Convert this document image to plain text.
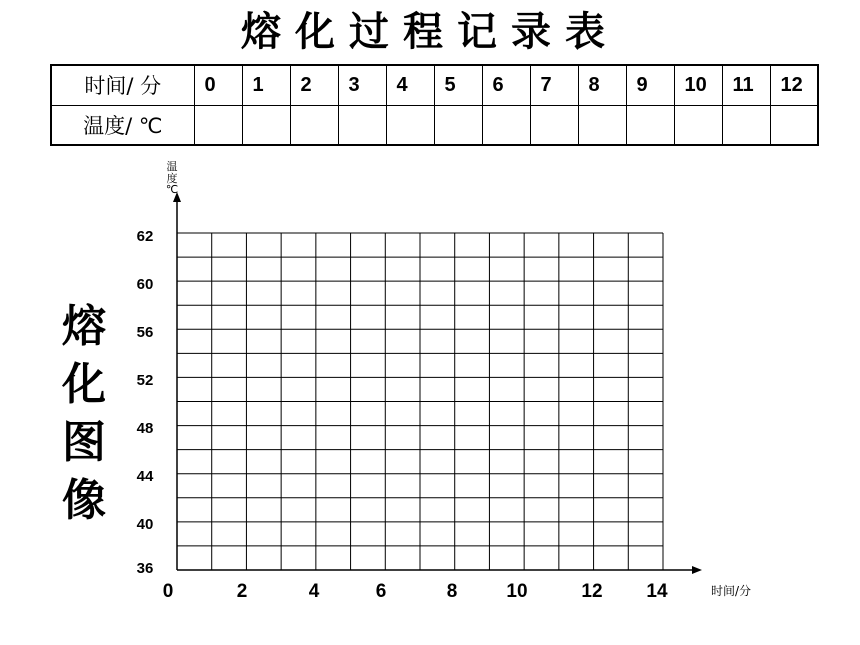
熔化过程记录表
时间/ 分	0	1	2	3	4	5	6	7	8	9	10	11	12
温度/ ℃													
熔
化
图
像
温
度
℃
62
60
56
52
48
44
40
36
0	2	4	6	8	10	12 14	时间/分
